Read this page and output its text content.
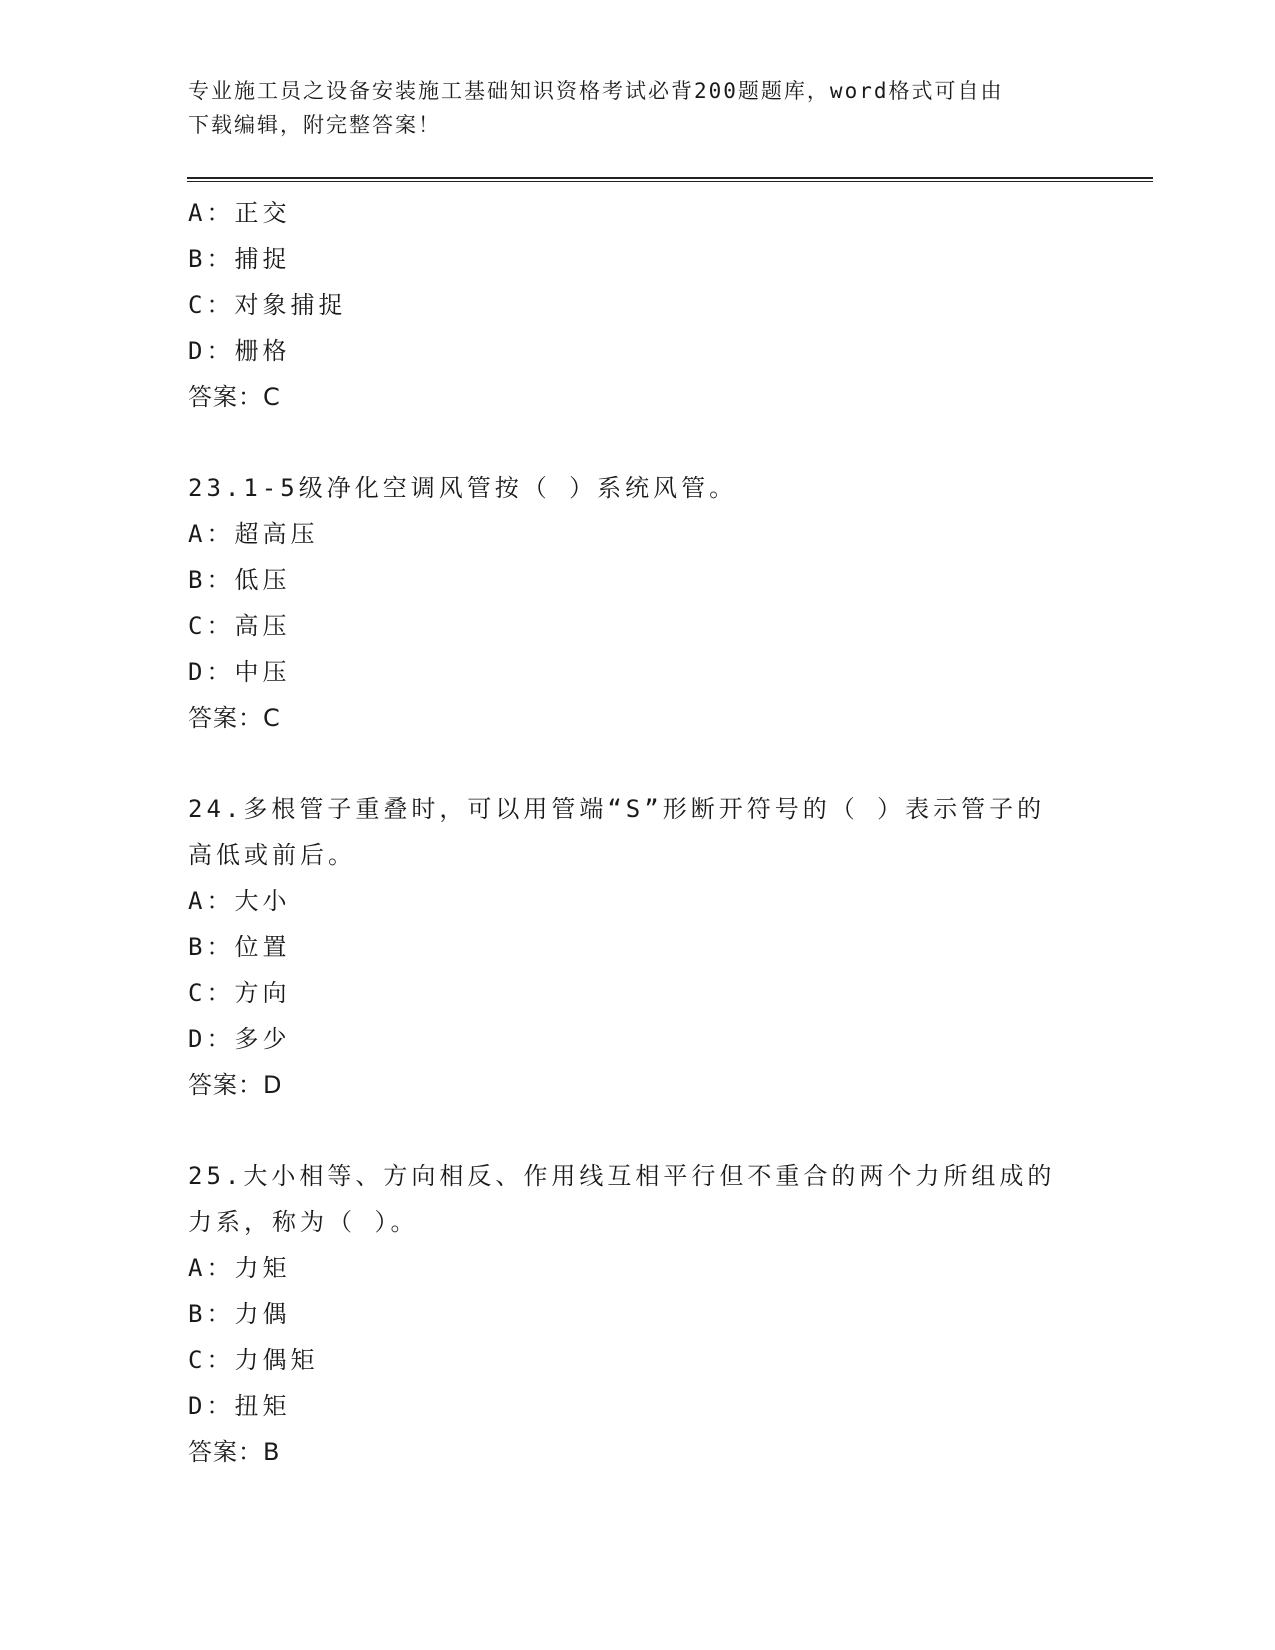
专业施工员之设备安装施工基础知识资格考试必背200题题库，word格式可自由
下载编辑，附完整答案！
A：正交
B：捕捉
C：对象捕捉
D：栅格
答案：C
23.1-5级净化空调风管按（ ）系统风管。
A：超高压
B：低压
C：高压
D：中压
答案：C
24.多根管子重叠时，可以用管端“S”形断开符号的（ ）表示管子的
高低或前后。
A：大小
B：位置
C：方向
D：多少
答案：D
25.大小相等、方向相反、作用线互相平行但不重合的两个力所组成的
力系，称为（ ）。
A：力矩
B：力偶
C：力偶矩
D：扭矩
答案：B
